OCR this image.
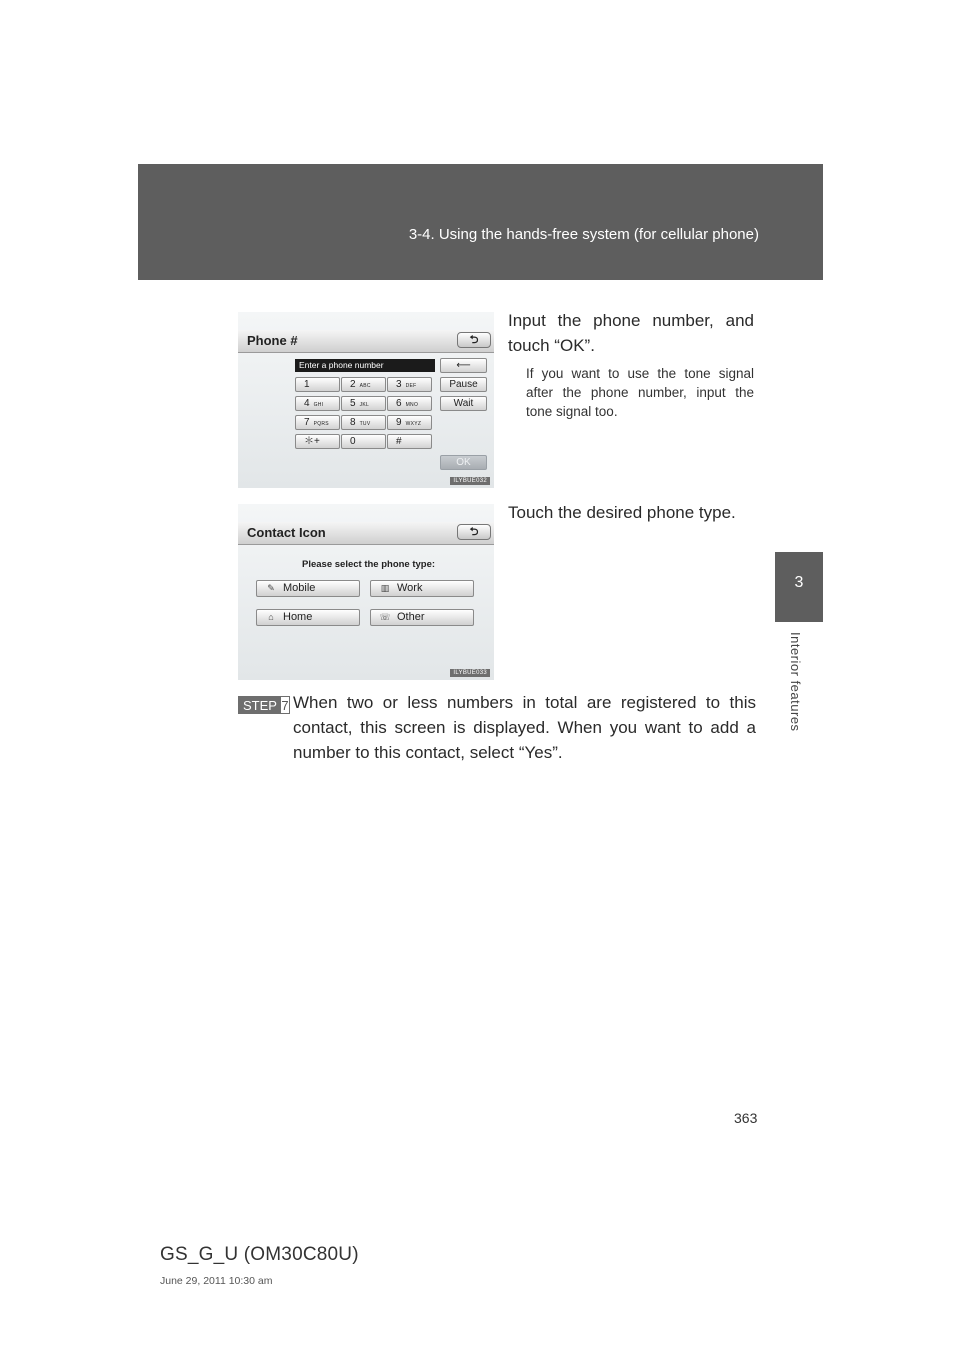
3-4. Using the hands-free system (for cellular phone)
3
Interior features
Phone #	⮌
Enter a phone number	⟵
1	2 ABC	3 DEF
4 GHI	5 JKL	6 MNO
7 PQRS	8 TUV	9 WXYZ
＊+	0	#
Pause
Wait
OK
ILYBUE032
Input the phone number, and touch “OK”.
If you want to use the tone signal after the phone number, input the tone signal too.
Contact Icon	⮌
Please select the phone type:
✎ Mobile	▥ Work
⌂ Home	☏ Other
ILYBUE033
Touch the desired phone type.
STEP 7 When two or less numbers in total are registered to this contact, this screen is displayed. When you want to add a number to this contact, select “Yes”.
363
GS_G_U (OM30C80U)
June 29, 2011 10:30 am
